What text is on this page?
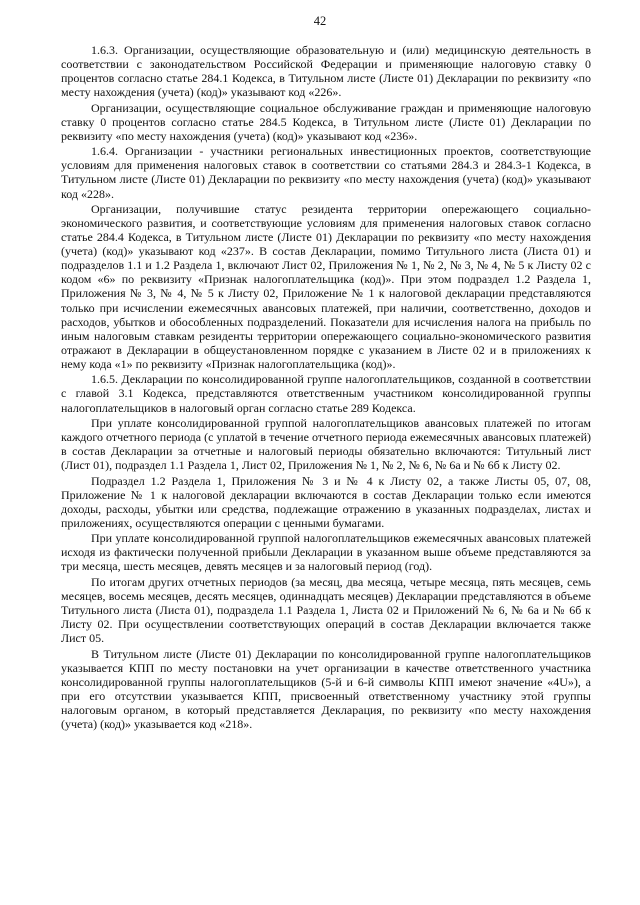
42

1.6.3. Организации, осуществляющие образовательную и (или) медицинскую деятельность в соответствии с законодательством Российской Федерации и применяющие налоговую ставку 0 процентов согласно статье 284.1 Кодекса, в Титульном листе (Листе 01) Декларации по реквизиту «по месту нахождения (учета) (код)» указывают код «226».

Организации, осуществляющие социальное обслуживание граждан и применяющие налоговую ставку 0 процентов согласно статье 284.5 Кодекса, в Титульном листе (Листе 01) Декларации по реквизиту «по месту нахождения (учета) (код)» указывают код «236».

1.6.4. Организации - участники региональных инвестиционных проектов, соответствующие условиям для применения налоговых ставок в соответствии со статьями 284.3 и 284.3-1 Кодекса, в Титульном листе (Листе 01) Декларации по реквизиту «по месту нахождения (учета) (код)» указывают код «228».

Организации, получившие статус резидента территории опережающего социально-экономического развития, и соответствующие условиям для применения налоговых ставок согласно статье 284.4 Кодекса, в Титульном листе (Листе 01) Декларации по реквизиту «по месту нахождения (учета) (код)» указывают код «237». В состав Декларации, помимо Титульного листа (Листа 01) и подразделов 1.1 и 1.2 Раздела 1, включают Лист 02, Приложения № 1, № 2, № 3, № 4, № 5 к Листу 02 с кодом «6» по реквизиту «Признак налогоплательщика (код)». При этом подраздел 1.2 Раздела 1, Приложения № 3, № 4, № 5 к Листу 02, Приложение № 1 к налоговой декларации представляются только при исчислении ежемесячных авансовых платежей, при наличии, соответственно, доходов и расходов, убытков и обособленных подразделений. Показатели для исчисления налога на прибыль по иным налоговым ставкам резиденты территории опережающего социально-экономического развития отражают в Декларации в общеустановленном порядке с указанием в Листе 02 и в приложениях к нему кода «1» по реквизиту «Признак налогоплательщика (код)».

1.6.5. Декларации по консолидированной группе налогоплательщиков, созданной в соответствии с главой 3.1 Кодекса, представляются ответственным участником консолидированной группы налогоплательщиков в налоговый орган согласно статье 289 Кодекса.

При уплате консолидированной группой налогоплательщиков авансовых платежей по итогам каждого отчетного периода (с уплатой в течение отчетного периода ежемесячных авансовых платежей) в состав Декларации за отчетные и налоговый периоды обязательно включаются: Титульный лист (Лист 01), подраздел 1.1 Раздела 1, Лист 02, Приложения № 1, № 2, № 6, № 6а и № 6б к Листу 02.

Подраздел 1.2 Раздела 1, Приложения № 3 и № 4 к Листу 02, а также Листы 05, 07, 08, Приложение № 1 к налоговой декларации включаются в состав Декларации только если имеются доходы, расходы, убытки или средства, подлежащие отражению в указанных подразделах, листах и приложениях, осуществляются операции с ценными бумагами.

При уплате консолидированной группой налогоплательщиков ежемесячных авансовых платежей исходя из фактически полученной прибыли Декларации в указанном выше объеме представляются за три месяца, шесть месяцев, девять месяцев и за налоговый период (год).

По итогам других отчетных периодов (за месяц, два месяца, четыре месяца, пять месяцев, семь месяцев, восемь месяцев, десять месяцев, одиннадцать месяцев) Декларации представляются в объеме Титульного листа (Листа 01), подраздела 1.1 Раздела 1, Листа 02 и Приложений № 6, № 6а и № 6б к Листу 02. При осуществлении соответствующих операций в состав Декларации включается также Лист 05.

В Титульном листе (Листе 01) Декларации по консолидированной группе налогоплательщиков указывается КПП по месту постановки на учет организации в качестве ответственного участника консолидированной группы налогоплательщиков (5-й и 6-й символы КПП имеют значение «4U»), а при его отсутствии указывается КПП, присвоенный ответственному участнику этой группы налоговым органом, в который представляется Декларация, по реквизиту «по месту нахождения (учета) (код)» указывается код «218».
